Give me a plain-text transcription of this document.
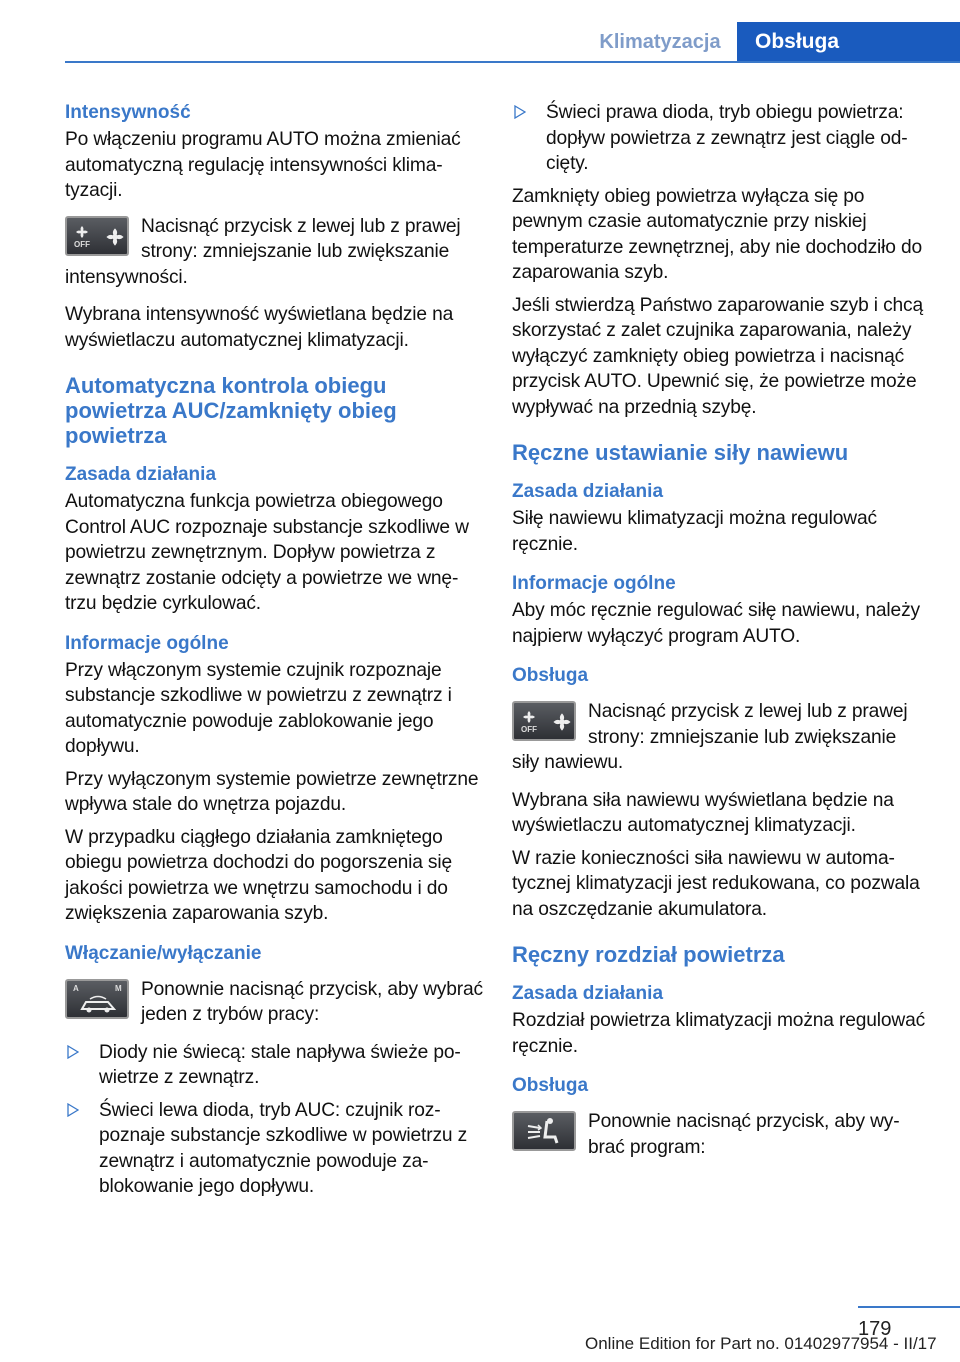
Klimatyzacja	Obsługa
Intensywność
Po włączeniu programu AUTO można zmieniać automatyczną regulację intensywności klimatyzacji.
OFF
Nacisnąć przycisk z lewej lub z prawej strony: zmniejszanie lub zwiększanie intensywności.
Wybrana intensywność wyświetlana będzie na wyświetlaczu automatycznej klimatyzacji.
Automatyczna kontrola obiegu powietrza AUC/zamknięty obieg powietrza
Zasada działania
Automatyczna funkcja powietrza obiegowego Control AUC rozpoznaje substancje szkodliwe w powietrzu zewnętrznym. Dopływ powietrza z zewnątrz zostanie odcięty a powietrze we wnętrzu będzie cyrkulować.
Informacje ogólne
Przy włączonym systemie czujnik rozpoznaje substancje szkodliwe w powietrzu z zewnątrz i automatycznie powoduje zablokowanie jego dopływu.
Przy wyłączonym systemie powietrze zewnętrzne wpływa stale do wnętrza pojazdu.
W przypadku ciągłego działania zamkniętego obiegu powietrza dochodzi do pogorszenia się jakości powietrza we wnętrzu samochodu i do zwiększenia zaparowania szyb.
Włączanie/wyłączanie
A	M	Ponownie nacisnąć przycisk, aby wybrać jeden z trybów pracy:
Diody nie świecą: stale napływa świeże powietrze z zewnątrz.
Świeci lewa dioda, tryb AUC: czujnik rozpoznaje substancje szkodliwe w powietrzu z zewnątrz i automatycznie powoduje zablokowanie jego dopływu.
Świeci prawa dioda, tryb obiegu powietrza: dopływ powietrza z zewnątrz jest ciągle odcięty.
Zamknięty obieg powietrza wyłącza się po pewnym czasie automatycznie przy niskiej temperaturze zewnętrznej, aby nie dochodziło do zaparowania szyb.
Jeśli stwierdzą Państwo zaparowanie szyb i chcą skorzystać z zalet czujnika zaparowania, należy wyłączyć zamknięty obieg powietrza i nacisnąć przycisk AUTO. Upewnić się, że powietrze może wypływać na przednią szybę.
Ręczne ustawianie siły nawiewu
Zasada działania
Siłę nawiewu klimatyzacji można regulować ręcznie.
Informacje ogólne
Aby móc ręcznie regulować siłę nawiewu, należy najpierw wyłączyć program AUTO.
Obsługa
OFF
Nacisnąć przycisk z lewej lub z prawej strony: zmniejszanie lub zwiększanie siły nawiewu.
Wybrana siła nawiewu wyświetlana będzie na wyświetlaczu automatycznej klimatyzacji.
W razie konieczności siła nawiewu w automatycznej klimatyzacji jest redukowana, co pozwala na oszczędzanie akumulatora.
Ręczny rozdział powietrza
Zasada działania
Rozdział powietrza klimatyzacji można regulować ręcznie.
Obsługa
Ponownie nacisnąć przycisk, aby wybrać program:
179
Online Edition for Part no. 01402977954 - II/17
